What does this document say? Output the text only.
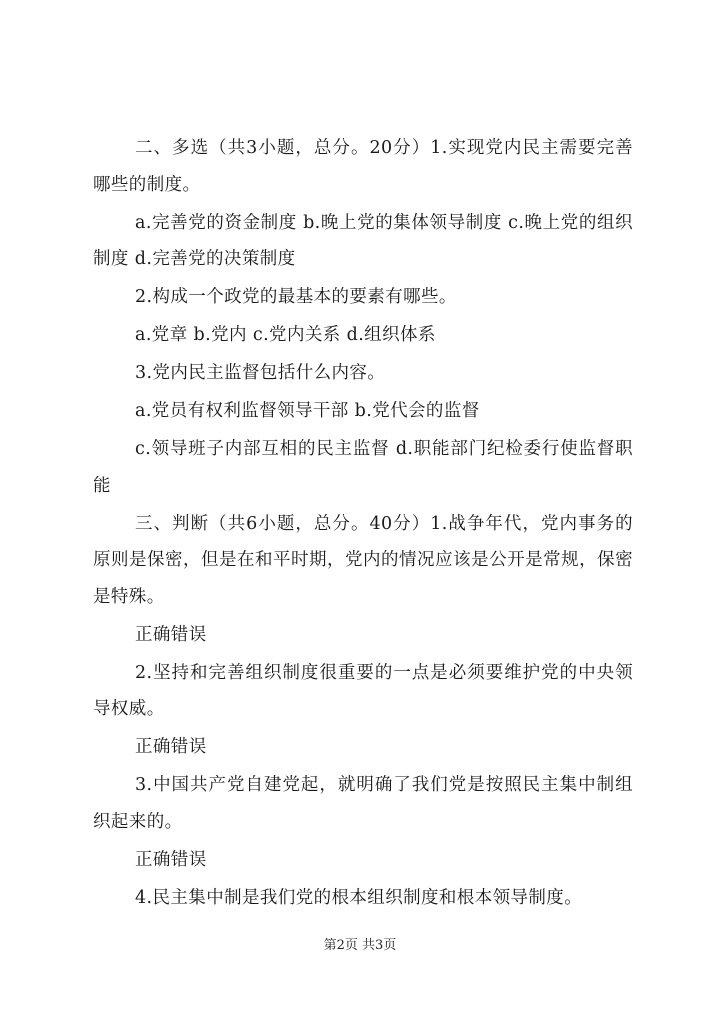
二、多选（共3小题，总分。20分）1.实现党内民主需要完善哪些的制度。

a.完善党的资金制度 b.晚上党的集体领导制度 c.晚上党的组织制度 d.完善党的决策制度

2.构成一个政党的最基本的要素有哪些。

a.党章 b.党内 c.党内关系 d.组织体系

3.党内民主监督包括什么内容。

a.党员有权利监督领导干部 b.党代会的监督

c.领导班子内部互相的民主监督 d.职能部门纪检委行使监督职能

三、判断（共6小题，总分。40分）1.战争年代，党内事务的原则是保密，但是在和平时期，党内的情况应该是公开是常规，保密是特殊。

正确错误

2.坚持和完善组织制度很重要的一点是必须要维护党的中央领导权威。

正确错误

3.中国共产党自建党起，就明确了我们党是按照民主集中制组织起来的。

正确错误

4.民主集中制是我们党的根本组织制度和根本领导制度。

第2页 共3页
